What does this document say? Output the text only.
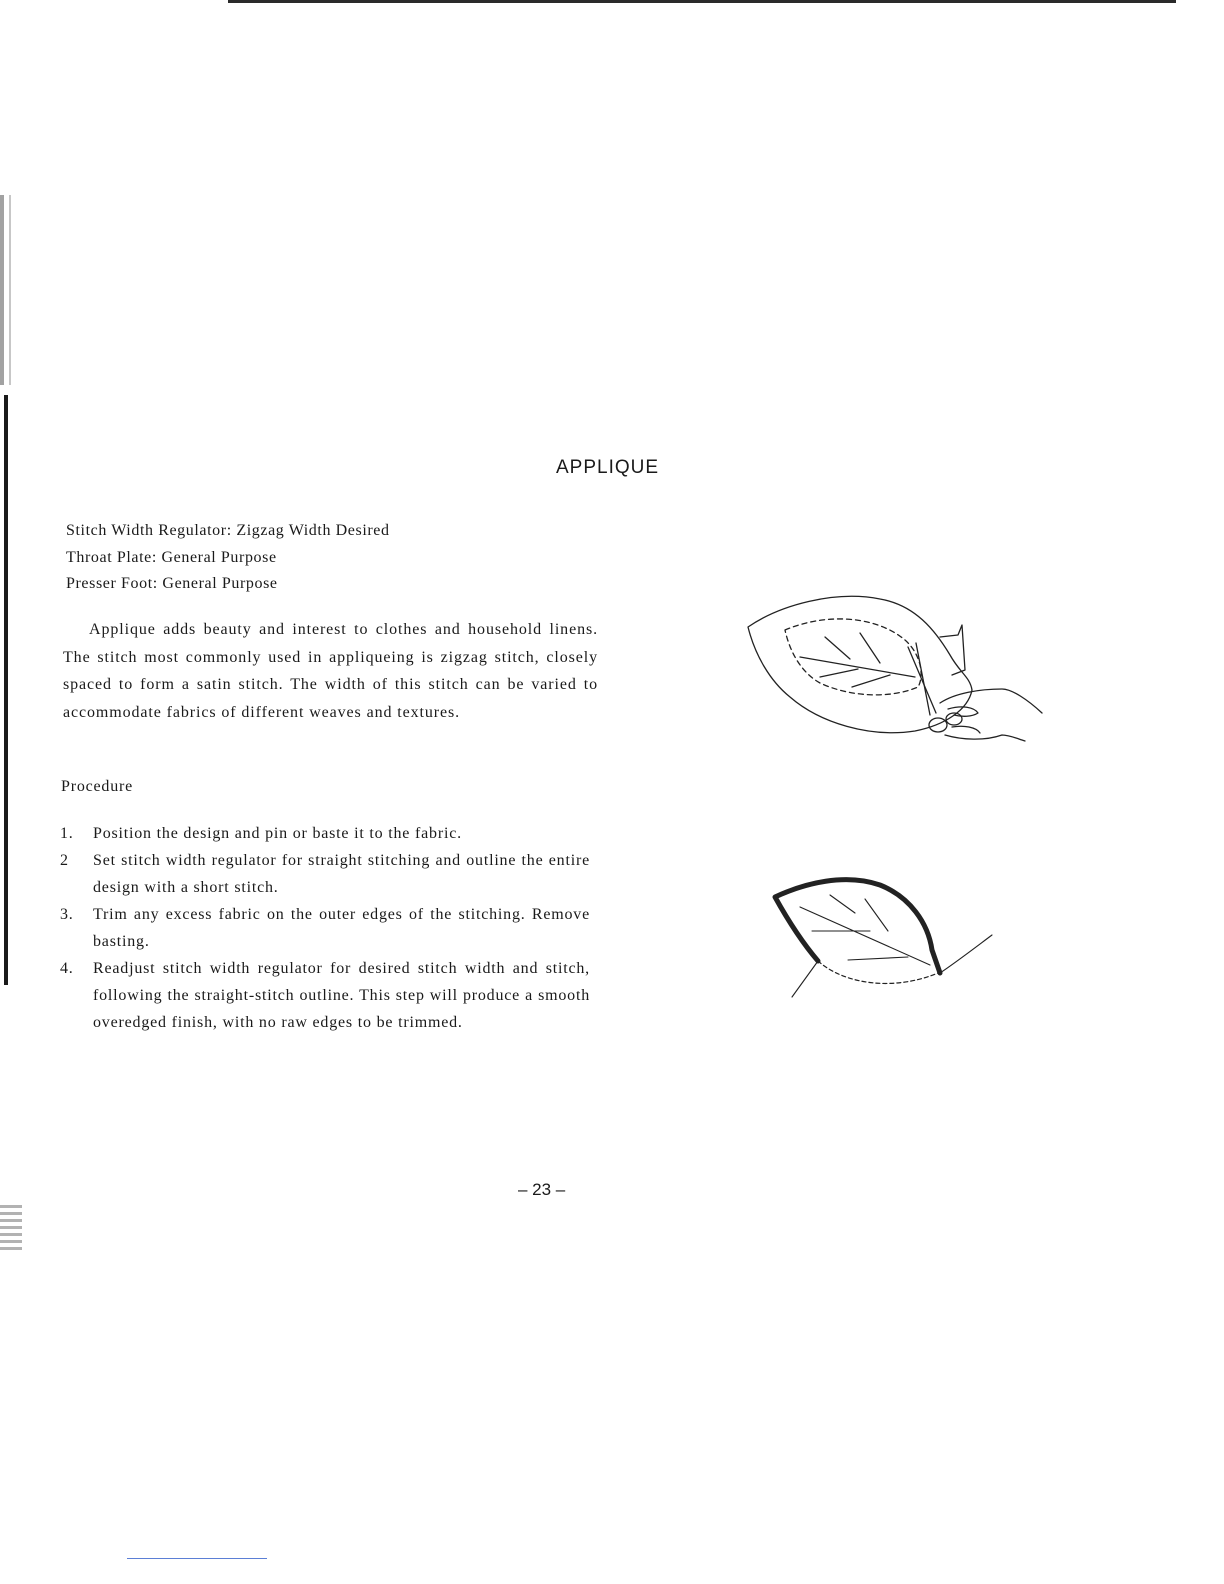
APPLIQUE
Stitch Width Regulator: Zigzag Width Desired
Throat Plate: General Purpose
Presser Foot: General Purpose

Applique adds beauty and interest to clothes and household linens. The stitch most commonly used in appliqueing is zigzag stitch, closely spaced to form a satin stitch. The width of this stitch can be varied to accommodate fabrics of different weaves and textures.

Procedure

1. Position the design and pin or baste it to the fabric.
2 Set stitch width regulator for straight stitching and outline the entire design with a short stitch.
3. Trim any excess fabric on the outer edges of the stitching. Remove basting.
4. Readjust stitch width regulator for desired stitch width and stitch, following the straight-stitch outline. This step will produce a smooth overedged finish, with no raw edges to be trimmed.
– 23 –
